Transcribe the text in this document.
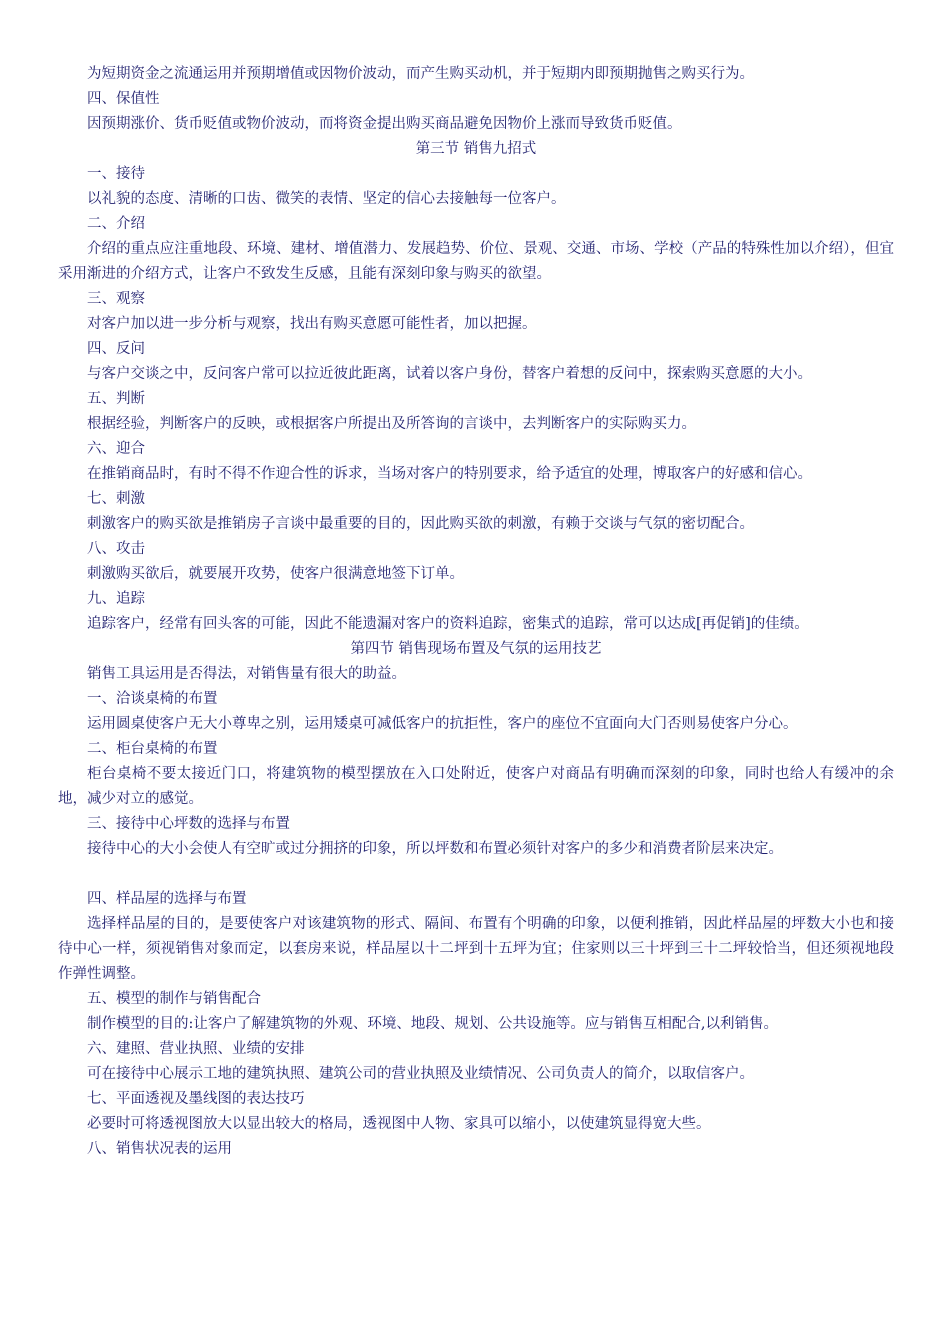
为短期资金之流通运用并预期增值或因物价波动，而产生购买动机，并于短期内即预期抛售之购买行为。

四、保值性

因预期涨价、货币贬值或物价波动，而将资金提出购买商品避免因物价上涨而导致货币贬值。

第三节 销售九招式

一、接待

以礼貌的态度、清晰的口齿、微笑的表情、坚定的信心去接触每一位客户。

二、介绍

介绍的重点应注重地段、环境、建材、增值潜力、发展趋势、价位、景观、交通、市场、学校（产品的特殊性加以介绍），但宜采用渐进的介绍方式，让客户不致发生反感，且能有深刻印象与购买的欲望。

三、观察

对客户加以进一步分析与观察，找出有购买意愿可能性者，加以把握。

四、反问

与客户交谈之中，反问客户常可以拉近彼此距离，试着以客户身份，替客户着想的反问中，探索购买意愿的大小。

五、判断

根据经验，判断客户的反映，或根据客户所提出及所答询的言谈中，去判断客户的实际购买力。

六、迎合

在推销商品时，有时不得不作迎合性的诉求，当场对客户的特别要求，给予适宜的处理，博取客户的好感和信心。

七、刺激

刺激客户的购买欲是推销房子言谈中最重要的目的，因此购买欲的刺激，有赖于交谈与气氛的密切配合。

八、攻击

刺激购买欲后，就要展开攻势，使客户很满意地签下订单。

九、追踪

追踪客户，经常有回头客的可能，因此不能遗漏对客户的资料追踪，密集式的追踪，常可以达成[再促销]的佳绩。

第四节 销售现场布置及气氛的运用技艺

销售工具运用是否得法，对销售量有很大的助益。

一、洽谈桌椅的布置

运用圆桌使客户无大小尊卑之别，运用矮桌可减低客户的抗拒性，客户的座位不宜面向大门否则易使客户分心。

二、柜台桌椅的布置

柜台桌椅不要太接近门口，将建筑物的模型摆放在入口处附近，使客户对商品有明确而深刻的印象，同时也给人有缓冲的余地，减少对立的感觉。

三、接待中心坪数的选择与布置

接待中心的大小会使人有空旷或过分拥挤的印象，所以坪数和布置必须针对客户的多少和消费者阶层来决定。

四、样品屋的选择与布置

选择样品屋的目的，是要使客户对该建筑物的形式、隔间、布置有个明确的印象，以便利推销，因此样品屋的坪数大小也和接待中心一样，须视销售对象而定，以套房来说，样品屋以十二坪到十五坪为宜；住家则以三十坪到三十二坪较恰当，但还须视地段作弹性调整。

五、模型的制作与销售配合

制作模型的目的:让客户了解建筑物的外观、环境、地段、规划、公共设施等。应与销售互相配合,以利销售。

六、建照、营业执照、业绩的安排

可在接待中心展示工地的建筑执照、建筑公司的营业执照及业绩情况、公司负责人的简介，以取信客户。

七、平面透视及墨线图的表达技巧

必要时可将透视图放大以显出较大的格局，透视图中人物、家具可以缩小，以使建筑显得宽大些。

八、销售状况表的运用
